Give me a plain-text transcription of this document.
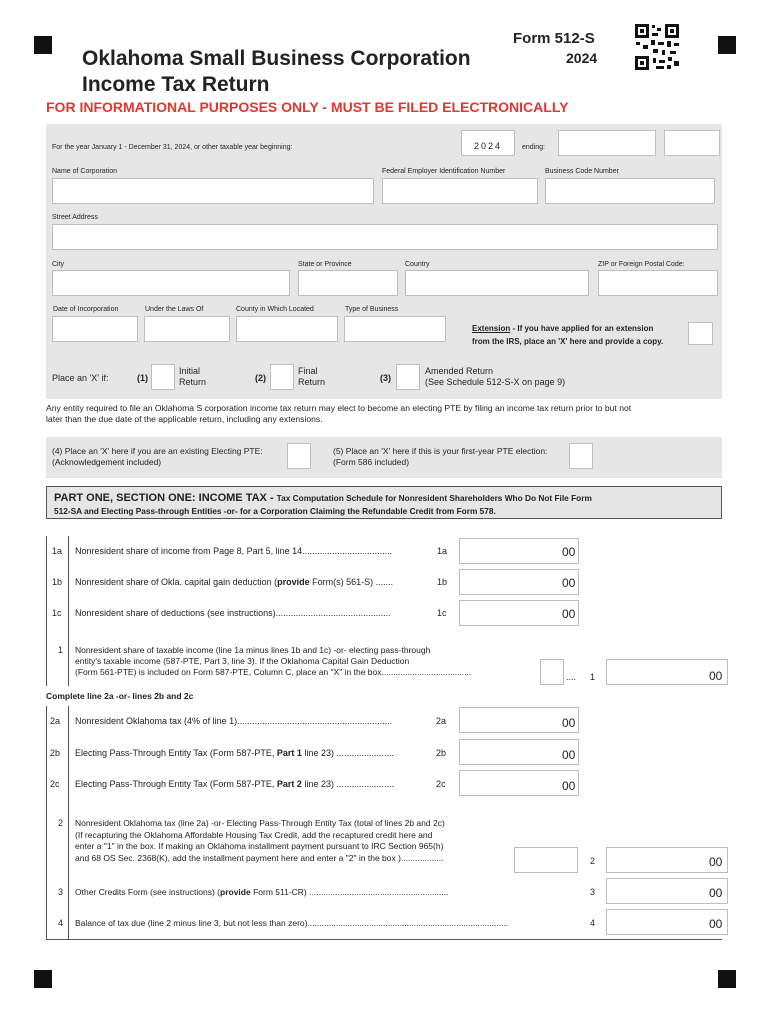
Oklahoma Small Business Corporation
Income Tax Return
Form 512-S
2024
FOR INFORMATIONAL PURPOSES ONLY - MUST BE FILED ELECTRONICALLY
For the year January 1 - December 31, 2024, or other taxable year beginning:	2024	ending:
Name of Corporation	Federal Employer Identification Number	Business Code Number
Street Address
City	State or Province	Country	ZIP or Foreign Postal Code:
Date of Incorporation	Under the Laws Of	County in Which Located	Type of Business
Extension - If you have applied for an extension
from the IRS, place an 'X' here and provide a copy.
Place an 'X' if:	(1)
Initial
Return	(2)
Final
Return	(3)
Amended Return
(See Schedule 512-S-X on page 9)
Any entity required to file an Oklahoma S corporation income tax return may elect to become an electing PTE by filing an income tax return prior to but not
later than the due date of the applicable return, including any extensions.
(4) Place an 'X' here if you are an existing Electing PTE:
(Acknowledgement included)
(5) Place an 'X' here if this is your first-year PTE election:
(Form 586 included)
PART ONE, SECTION ONE: INCOME TAX - Tax Computation Schedule for Nonresident Shareholders Who Do Not File Form
512-SA and Electing Pass-through Entities -or- for a Corporation Claiming the Refundable Credit from Form 578.
1a Nonresident share of income from Page 8, Part 5, line 14....................................	1a	00
1b Nonresident share of Okla. capital gain deduction (provide Form(s) 561-S) .......	1b	00
1c Nonresident share of deductions (see instructions)..............................................	1c	00
1 Nonresident share of taxable income (line 1a minus lines 1b and 1c) -or- electing pass-through
entity's taxable income (587-PTE, Part 3, line 3). If the Oklahoma Capital Gain Deduction
(Form 561-PTE) is included on Form 587-PTE, Column C, place an "X" in the box......................................	.... 1	00
Complete line 2a -or- lines 2b and 2c
2a Nonresident Oklahoma tax (4% of line 1)..............................................................	2a	00
2b Electing Pass-Through Entity Tax (Form 587-PTE, Part 1 line 23) .......................	2b	00
2c Electing Pass-Through Entity Tax (Form 587-PTE, Part 2 line 23) .......................	2c	00
2 Nonresident Oklahoma tax (line 2a) -or- Electing Pass-Through Entity Tax (total of lines 2b and 2c)
(If recapturing the Oklahoma Affordable Housing Tax Credit, add the recaptured credit here and
enter a "1" in the box. If making an Oklahoma installment payment pursuant to IRC Section 965(h)
and 68 OS Sec. 2368(K), add the installment payment here and enter a "2" in the box )..................	2	00
3 Other Credits Form (see instructions) (provide Form 511-CR) ...........................................................	3	00
4 Balance of tax due (line 2 minus line 3, but not less than zero).....................................................................................	4	00
